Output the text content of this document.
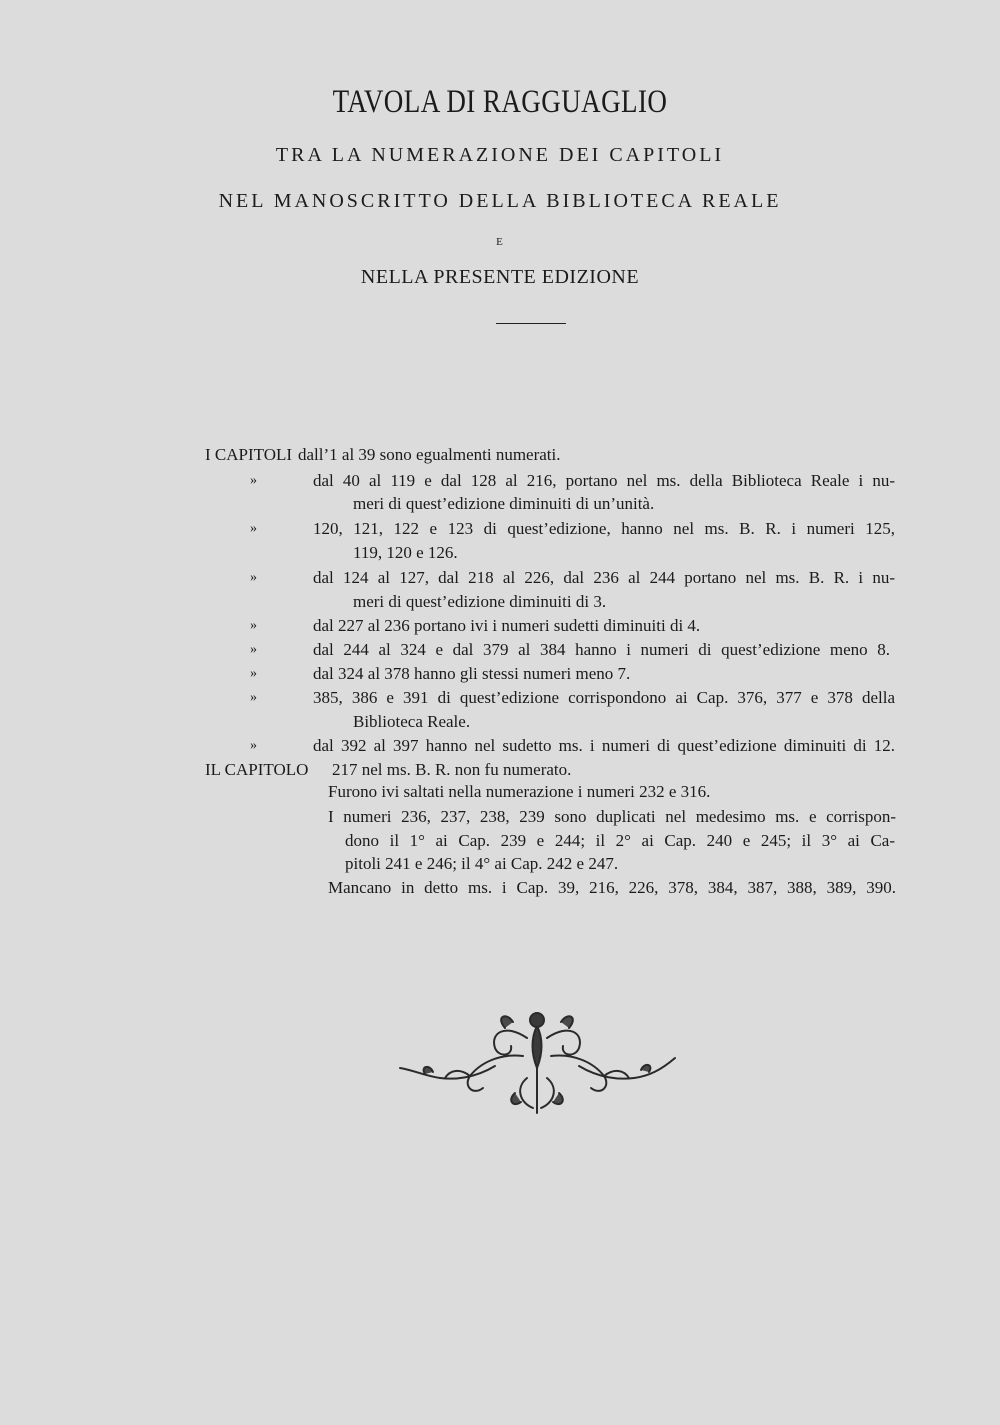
TAVOLA DI RAGGUAGLIO
TRA LA NUMERAZIONE DEI CAPITOLI
NEL MANOSCRITTO DELLA BIBLIOTECA REALE
E
NELLA PRESENTE EDIZIONE
I CAPITOLI dall’1 al 39 sono egualmenti numerati.
»	dal 40 al 119 e dal 128 al 216, portano nel ms. della Biblioteca Reale i nu-
meri di quest’edizione diminuiti di un’unità.
»	120, 121, 122 e 123 di quest’edizione, hanno nel ms. B. R. i numeri 125,
119, 120 e 126.
»	dal 124 al 127, dal 218 al 226, dal 236 al 244 portano nel ms. B. R. i nu-
meri di quest’edizione diminuiti di 3.
»	dal 227 al 236 portano ivi i numeri sudetti diminuiti di 4.
»	dal 244 al 324 e dal 379 al 384 hanno i numeri di quest’edizione meno 8.
»	dal 324 al 378 hanno gli stessi numeri meno 7.
»	385, 386 e 391 di quest’edizione corrispondono ai Cap. 376, 377 e 378 della
Biblioteca Reale.
»	dal 392 al 397 hanno nel sudetto ms. i numeri di quest’edizione diminuiti di 12.
IL CAPITOLO 217 nel ms. B. R. non fu numerato.
Furono ivi saltati nella numerazione i numeri 232 e 316.
I numeri 236, 237, 238, 239 sono duplicati nel medesimo ms. e corrispon-
dono il 1° ai Cap. 239 e 244; il 2° ai Cap. 240 e 245; il 3° ai Ca-
pitoli 241 e 246; il 4° ai Cap. 242 e 247.
Mancano in detto ms. i Cap. 39, 216, 226, 378, 384, 387, 388, 389, 390.
